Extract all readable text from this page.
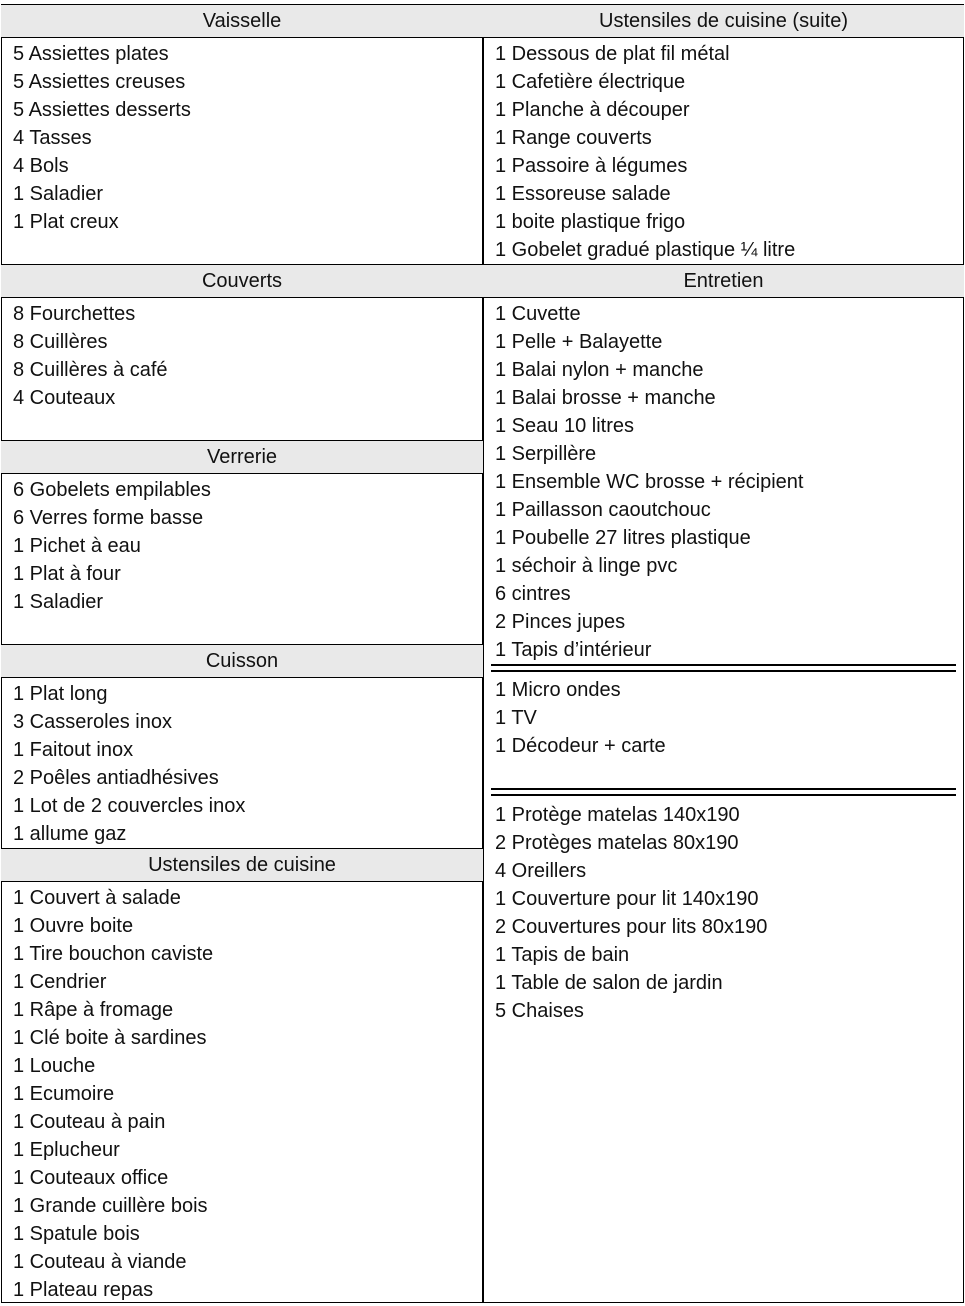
Vaisselle
5 Assiettes plates
5 Assiettes creuses
5 Assiettes desserts
4 Tasses
4 Bols
1 Saladier
1 Plat creux
Couverts
8 Fourchettes
8 Cuillères
8 Cuillères à café
4 Couteaux
Verrerie
6 Gobelets empilables
6 Verres forme basse
1 Pichet à eau
1 Plat à four
1 Saladier
Cuisson
1 Plat long
3 Casseroles inox
1 Faitout inox
2 Poêles antiadhésives
1 Lot de 2 couvercles inox
1 allume gaz
Ustensiles de cuisine
1 Couvert à salade
1 Ouvre boite
1 Tire bouchon caviste
1 Cendrier
1 Râpe à fromage
1 Clé boite à sardines
1 Louche
1 Ecumoire
1 Couteau à pain
1 Eplucheur
1 Couteaux office
1 Grande cuillère bois
1 Spatule bois
1 Couteau à viande
1 Plateau repas
Ustensiles de cuisine (suite)
1 Dessous de plat fil métal
1 Cafetière électrique
1 Planche à découper
1 Range couverts
1 Passoire à légumes
1 Essoreuse salade
1 boite plastique frigo
1 Gobelet gradué plastique ¼ litre
Entretien
1 Cuvette
1 Pelle + Balayette
1 Balai nylon + manche
1 Balai brosse + manche
1 Seau 10 litres
1 Serpillère
1 Ensemble WC brosse + récipient
1 Paillasson caoutchouc
1 Poubelle 27 litres plastique
1 séchoir à linge pvc
6 cintres
2 Pinces jupes
1 Tapis d’intérieur
1 Micro ondes
1 TV
1 Décodeur + carte
1 Protège matelas 140x190
2 Protèges matelas 80x190
4 Oreillers
1 Couverture pour lit 140x190
2 Couvertures pour lits 80x190
1 Tapis de bain
1 Table de salon de jardin
5 Chaises
